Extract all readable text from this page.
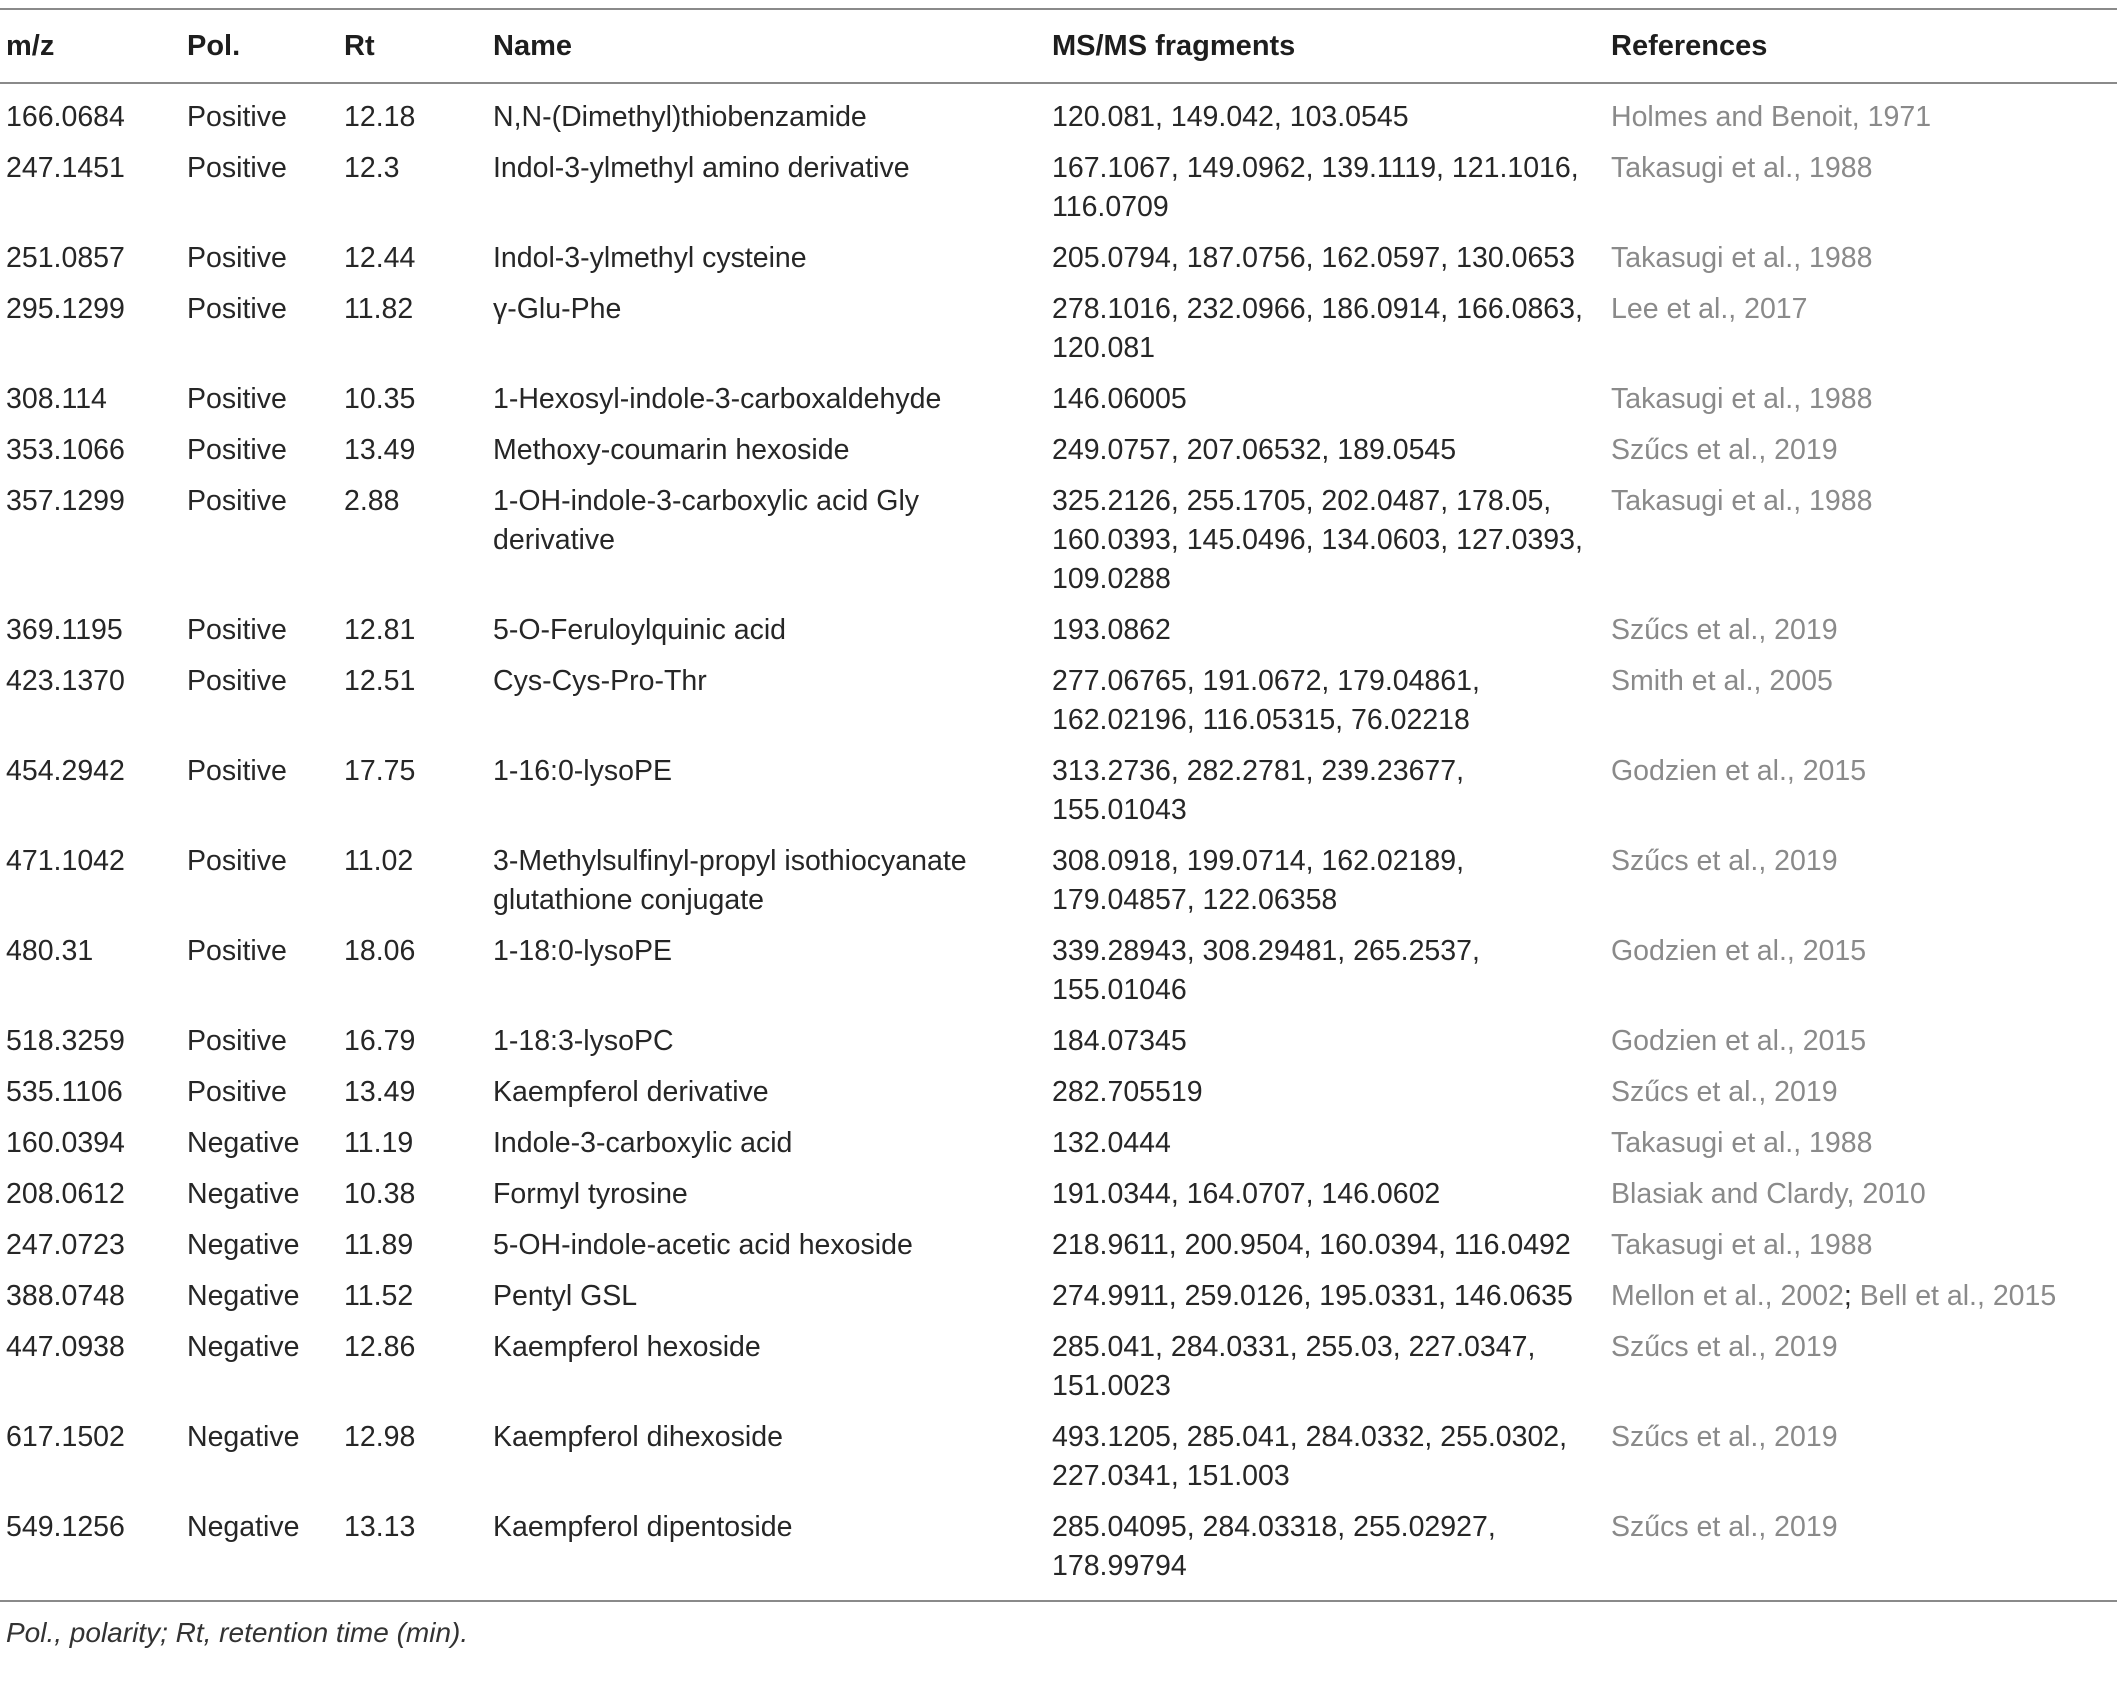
m/z	Pol.	Rt	Name	MS/MS fragments	References
166.0684	Positive	12.18	N,N-(Dimethyl)thiobenzamide	120.081, 149.042, 103.0545	Holmes and Benoit, 1971
247.1451	Positive	12.3	Indol-3-ylmethyl amino derivative	167.1067, 149.0962, 139.1119, 121.1016, 116.0709	Takasugi et al., 1988
251.0857	Positive	12.44	Indol-3-ylmethyl cysteine	205.0794, 187.0756, 162.0597, 130.0653	Takasugi et al., 1988
295.1299	Positive	11.82	γ-Glu-Phe	278.1016, 232.0966, 186.0914, 166.0863, 120.081	Lee et al., 2017
308.114	Positive	10.35	1-Hexosyl-indole-3-carboxaldehyde	146.06005	Takasugi et al., 1988
353.1066	Positive	13.49	Methoxy-coumarin hexoside	249.0757, 207.06532, 189.0545	Szűcs et al., 2019
357.1299	Positive	2.88	1-OH-indole-3-carboxylic acid Gly derivative	325.2126, 255.1705, 202.0487, 178.05, 160.0393, 145.0496, 134.0603, 127.0393, 109.0288	Takasugi et al., 1988
369.1195	Positive	12.81	5-O-Feruloylquinic acid	193.0862	Szűcs et al., 2019
423.1370	Positive	12.51	Cys-Cys-Pro-Thr	277.06765, 191.0672, 179.04861, 162.02196, 116.05315, 76.02218	Smith et al., 2005
454.2942	Positive	17.75	1-16:0-lysoPE	313.2736, 282.2781, 239.23677, 155.01043	Godzien et al., 2015
471.1042	Positive	11.02	3-Methylsulfinyl-propyl isothiocyanate glutathione conjugate	308.0918, 199.0714, 162.02189, 179.04857, 122.06358	Szűcs et al., 2019
480.31	Positive	18.06	1-18:0-lysoPE	339.28943, 308.29481, 265.2537, 155.01046	Godzien et al., 2015
518.3259	Positive	16.79	1-18:3-lysoPC	184.07345	Godzien et al., 2015
535.1106	Positive	13.49	Kaempferol derivative	282.705519	Szűcs et al., 2019
160.0394	Negative	11.19	Indole-3-carboxylic acid	132.0444	Takasugi et al., 1988
208.0612	Negative	10.38	Formyl tyrosine	191.0344, 164.0707, 146.0602	Blasiak and Clardy, 2010
247.0723	Negative	11.89	5-OH-indole-acetic acid hexoside	218.9611, 200.9504, 160.0394, 116.0492	Takasugi et al., 1988
388.0748	Negative	11.52	Pentyl GSL	274.9911, 259.0126, 195.0331, 146.0635	Mellon et al., 2002; Bell et al., 2015
447.0938	Negative	12.86	Kaempferol hexoside	285.041, 284.0331, 255.03, 227.0347, 151.0023	Szűcs et al., 2019
617.1502	Negative	12.98	Kaempferol dihexoside	493.1205, 285.041, 284.0332, 255.0302, 227.0341, 151.003	Szűcs et al., 2019
549.1256	Negative	13.13	Kaempferol dipentoside	285.04095, 284.03318, 255.02927, 178.99794	Szűcs et al., 2019
Pol., polarity; Rt, retention time (min).
